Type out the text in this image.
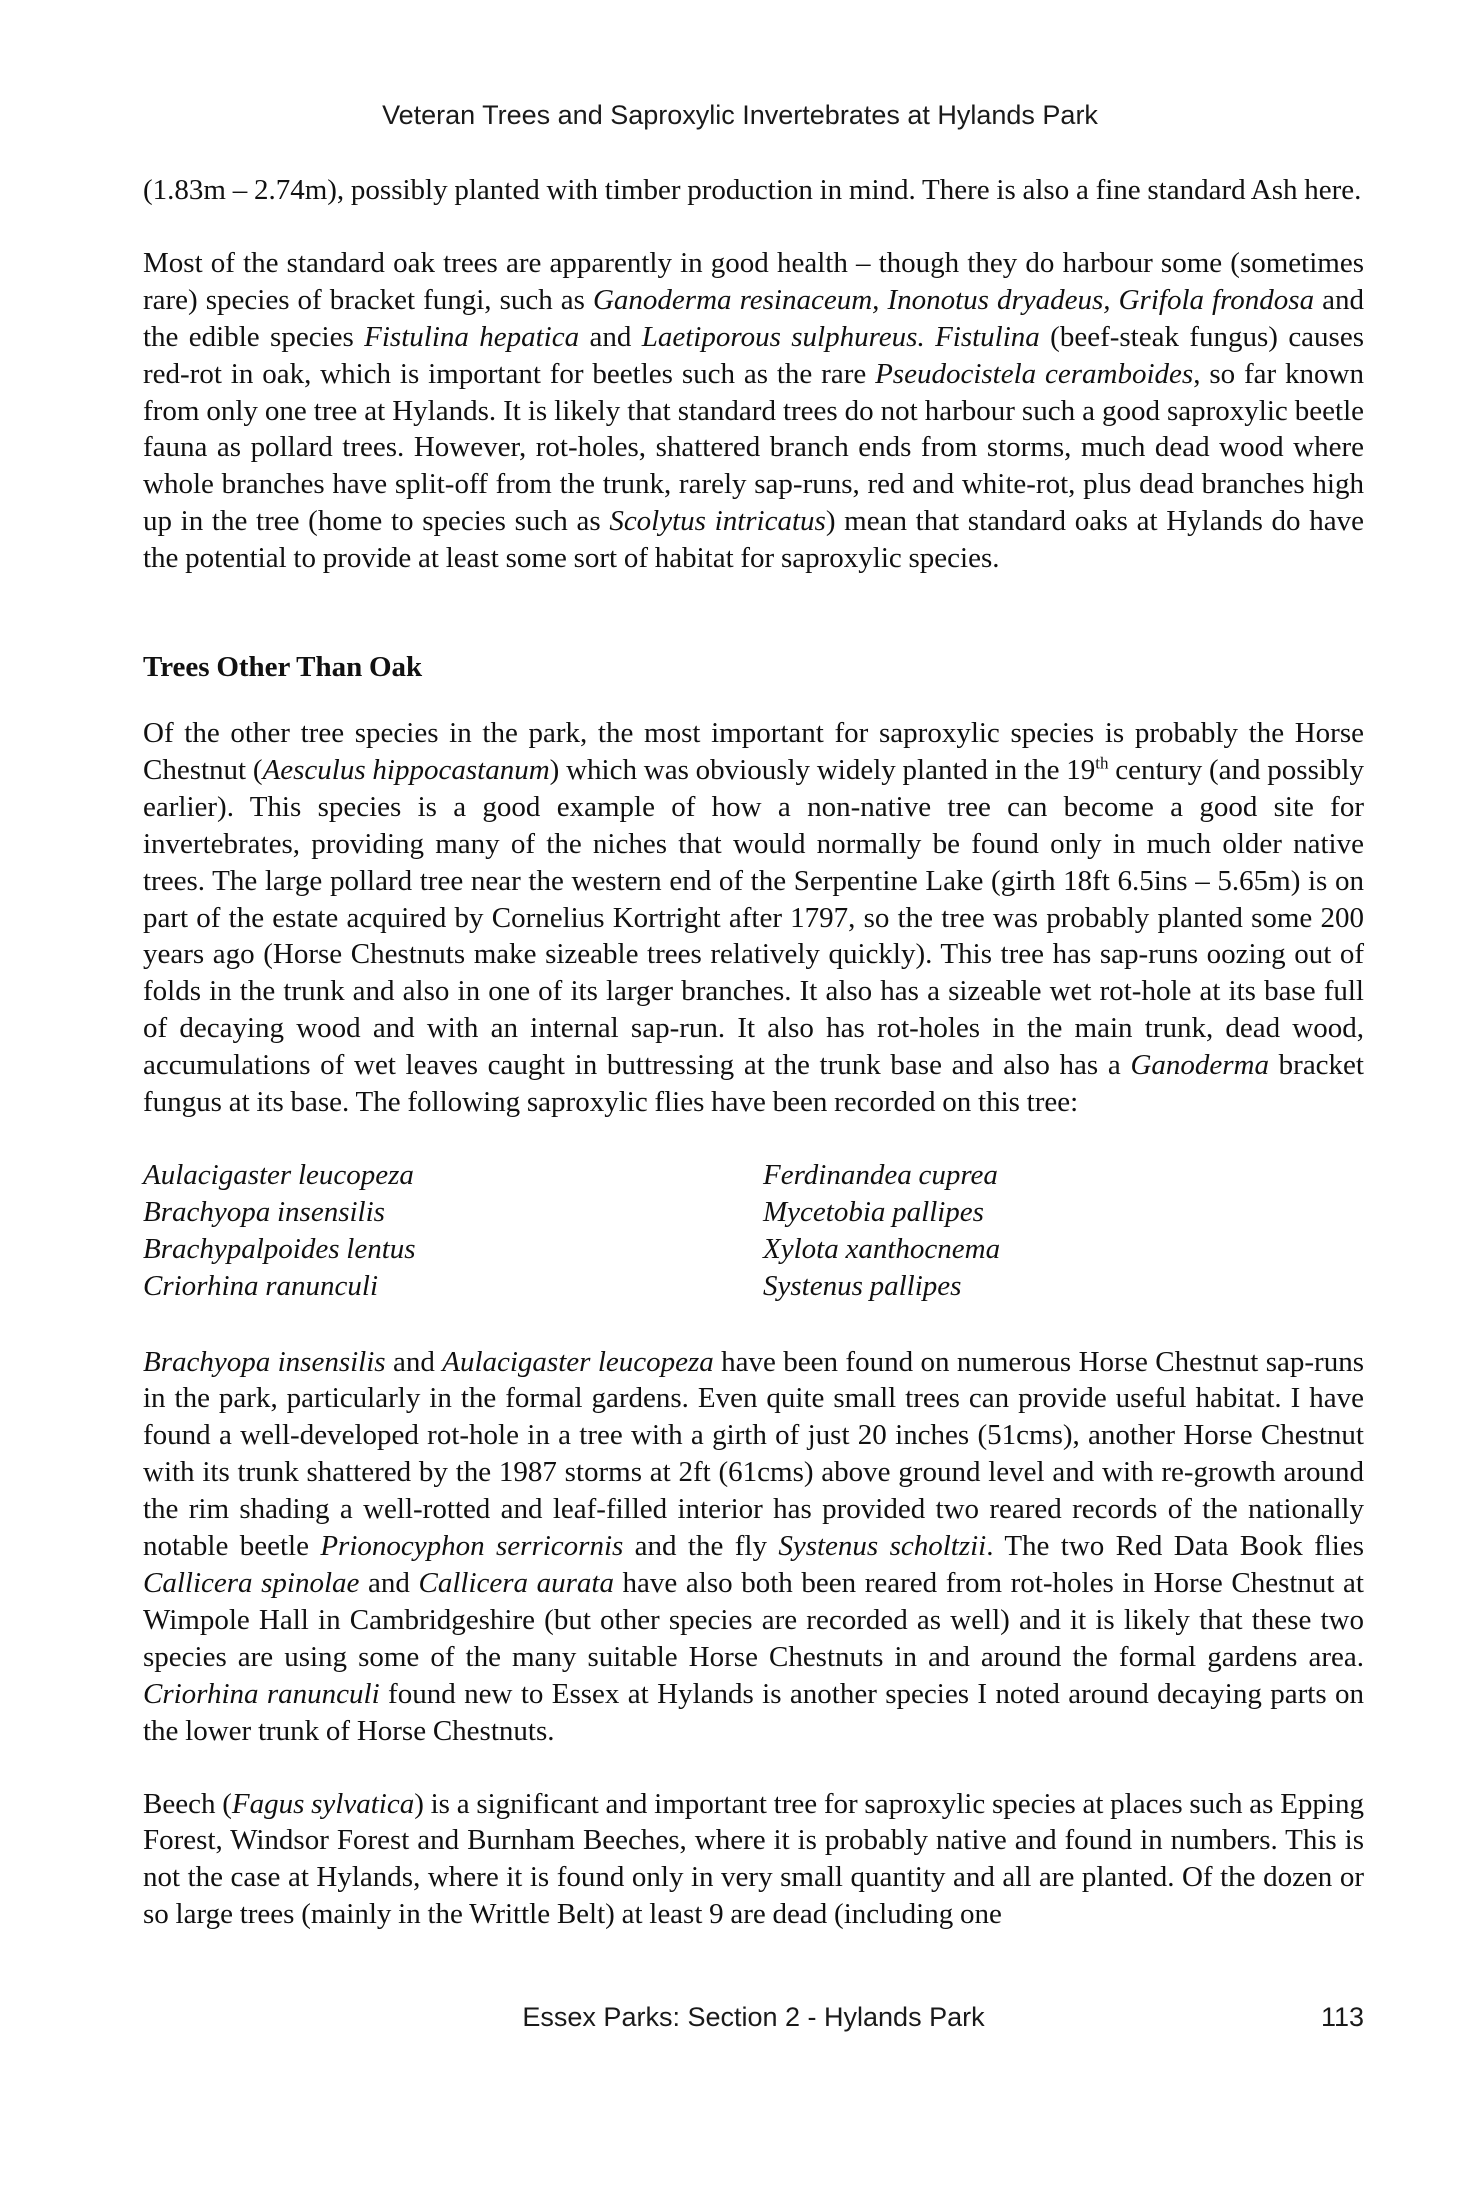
Veteran Trees and Saproxylic Invertebrates at Hylands Park

(1.83m – 2.74m), possibly planted with timber production in mind. There is also a fine standard Ash here.

Most of the standard oak trees are apparently in good health – though they do harbour some (sometimes rare) species of bracket fungi, such as Ganoderma resinaceum, Inonotus dryadeus, Grifola frondosa and the edible species Fistulina hepatica and Laetiporous sulphureus. Fistulina (beef-steak fungus) causes red-rot in oak, which is important for beetles such as the rare Pseudocistela ceramboides, so far known from only one tree at Hylands. It is likely that standard trees do not harbour such a good saproxylic beetle fauna as pollard trees. However, rot-holes, shattered branch ends from storms, much dead wood where whole branches have split-off from the trunk, rarely sap-runs, red and white-rot, plus dead branches high up in the tree (home to species such as Scolytus intricatus) mean that standard oaks at Hylands do have the potential to provide at least some sort of habitat for saproxylic species.

Trees Other Than Oak

Of the other tree species in the park, the most important for saproxylic species is probably the Horse Chestnut (Aesculus hippocastanum) which was obviously widely planted in the 19th century (and possibly earlier). This species is a good example of how a non-native tree can become a good site for invertebrates, providing many of the niches that would normally be found only in much older native trees. The large pollard tree near the western end of the Serpentine Lake (girth 18ft 6.5ins – 5.65m) is on part of the estate acquired by Cornelius Kortright after 1797, so the tree was probably planted some 200 years ago (Horse Chestnuts make sizeable trees relatively quickly). This tree has sap-runs oozing out of folds in the trunk and also in one of its larger branches. It also has a sizeable wet rot-hole at its base full of decaying wood and with an internal sap-run. It also has rot-holes in the main trunk, dead wood, accumulations of wet leaves caught in buttressing at the trunk base and also has a Ganoderma bracket fungus at its base. The following saproxylic flies have been recorded on this tree:

Aulacigaster leucopeza
Brachyopa insensilis
Brachypalpoides lentus
Criorhina ranunculi
Ferdinandea cuprea
Mycetobia pallipes
Xylota xanthocnema
Systenus pallipes

Brachyopa insensilis and Aulacigaster leucopeza have been found on numerous Horse Chestnut sap-runs in the park, particularly in the formal gardens. Even quite small trees can provide useful habitat. I have found a well-developed rot-hole in a tree with a girth of just 20 inches (51cms), another Horse Chestnut with its trunk shattered by the 1987 storms at 2ft (61cms) above ground level and with re-growth around the rim shading a well-rotted and leaf-filled interior has provided two reared records of the nationally notable beetle Prionocyphon serricornis and the fly Systenus scholtzii. The two Red Data Book flies Callicera spinolae and Callicera aurata have also both been reared from rot-holes in Horse Chestnut at Wimpole Hall in Cambridgeshire (but other species are recorded as well) and it is likely that these two species are using some of the many suitable Horse Chestnuts in and around the formal gardens area. Criorhina ranunculi found new to Essex at Hylands is another species I noted around decaying parts on the lower trunk of Horse Chestnuts.

Beech (Fagus sylvatica) is a significant and important tree for saproxylic species at places such as Epping Forest, Windsor Forest and Burnham Beeches, where it is probably native and found in numbers. This is not the case at Hylands, where it is found only in very small quantity and all are planted. Of the dozen or so large trees (mainly in the Writtle Belt) at least 9 are dead (including one

Essex Parks: Section 2 - Hylands Park	113
